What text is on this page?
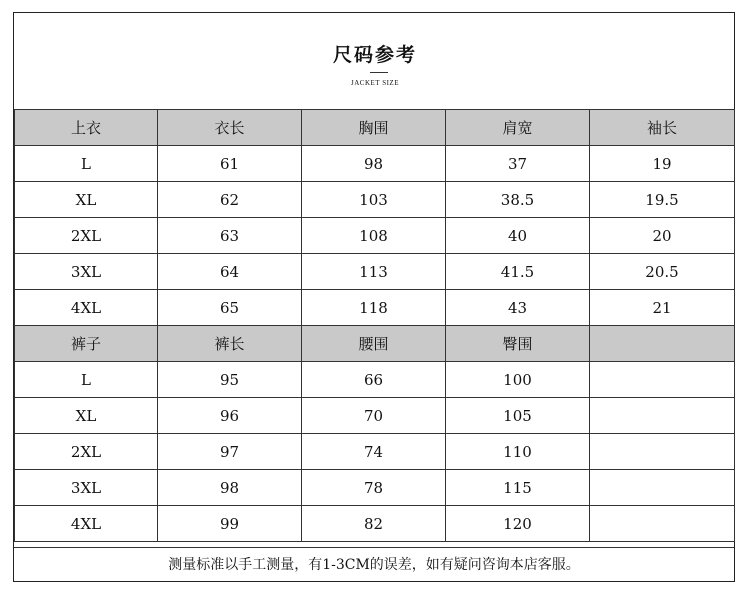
尺码参考
JACKET SIZE
上衣	衣长	胸围	肩宽	袖长
L	61	98	37	19
XL	62	103	38.5	19.5
2XL	63	108	40	20
3XL	64	113	41.5	20.5
4XL	65	118	43	21
裤子	裤长	腰围	臀围	
L	95	66	100	
XL	96	70	105	
2XL	97	74	110	
3XL	98	78	115	
4XL	99	82	120	
测量标准以手工测量，有1-3CM的误差，如有疑问咨询本店客服。
